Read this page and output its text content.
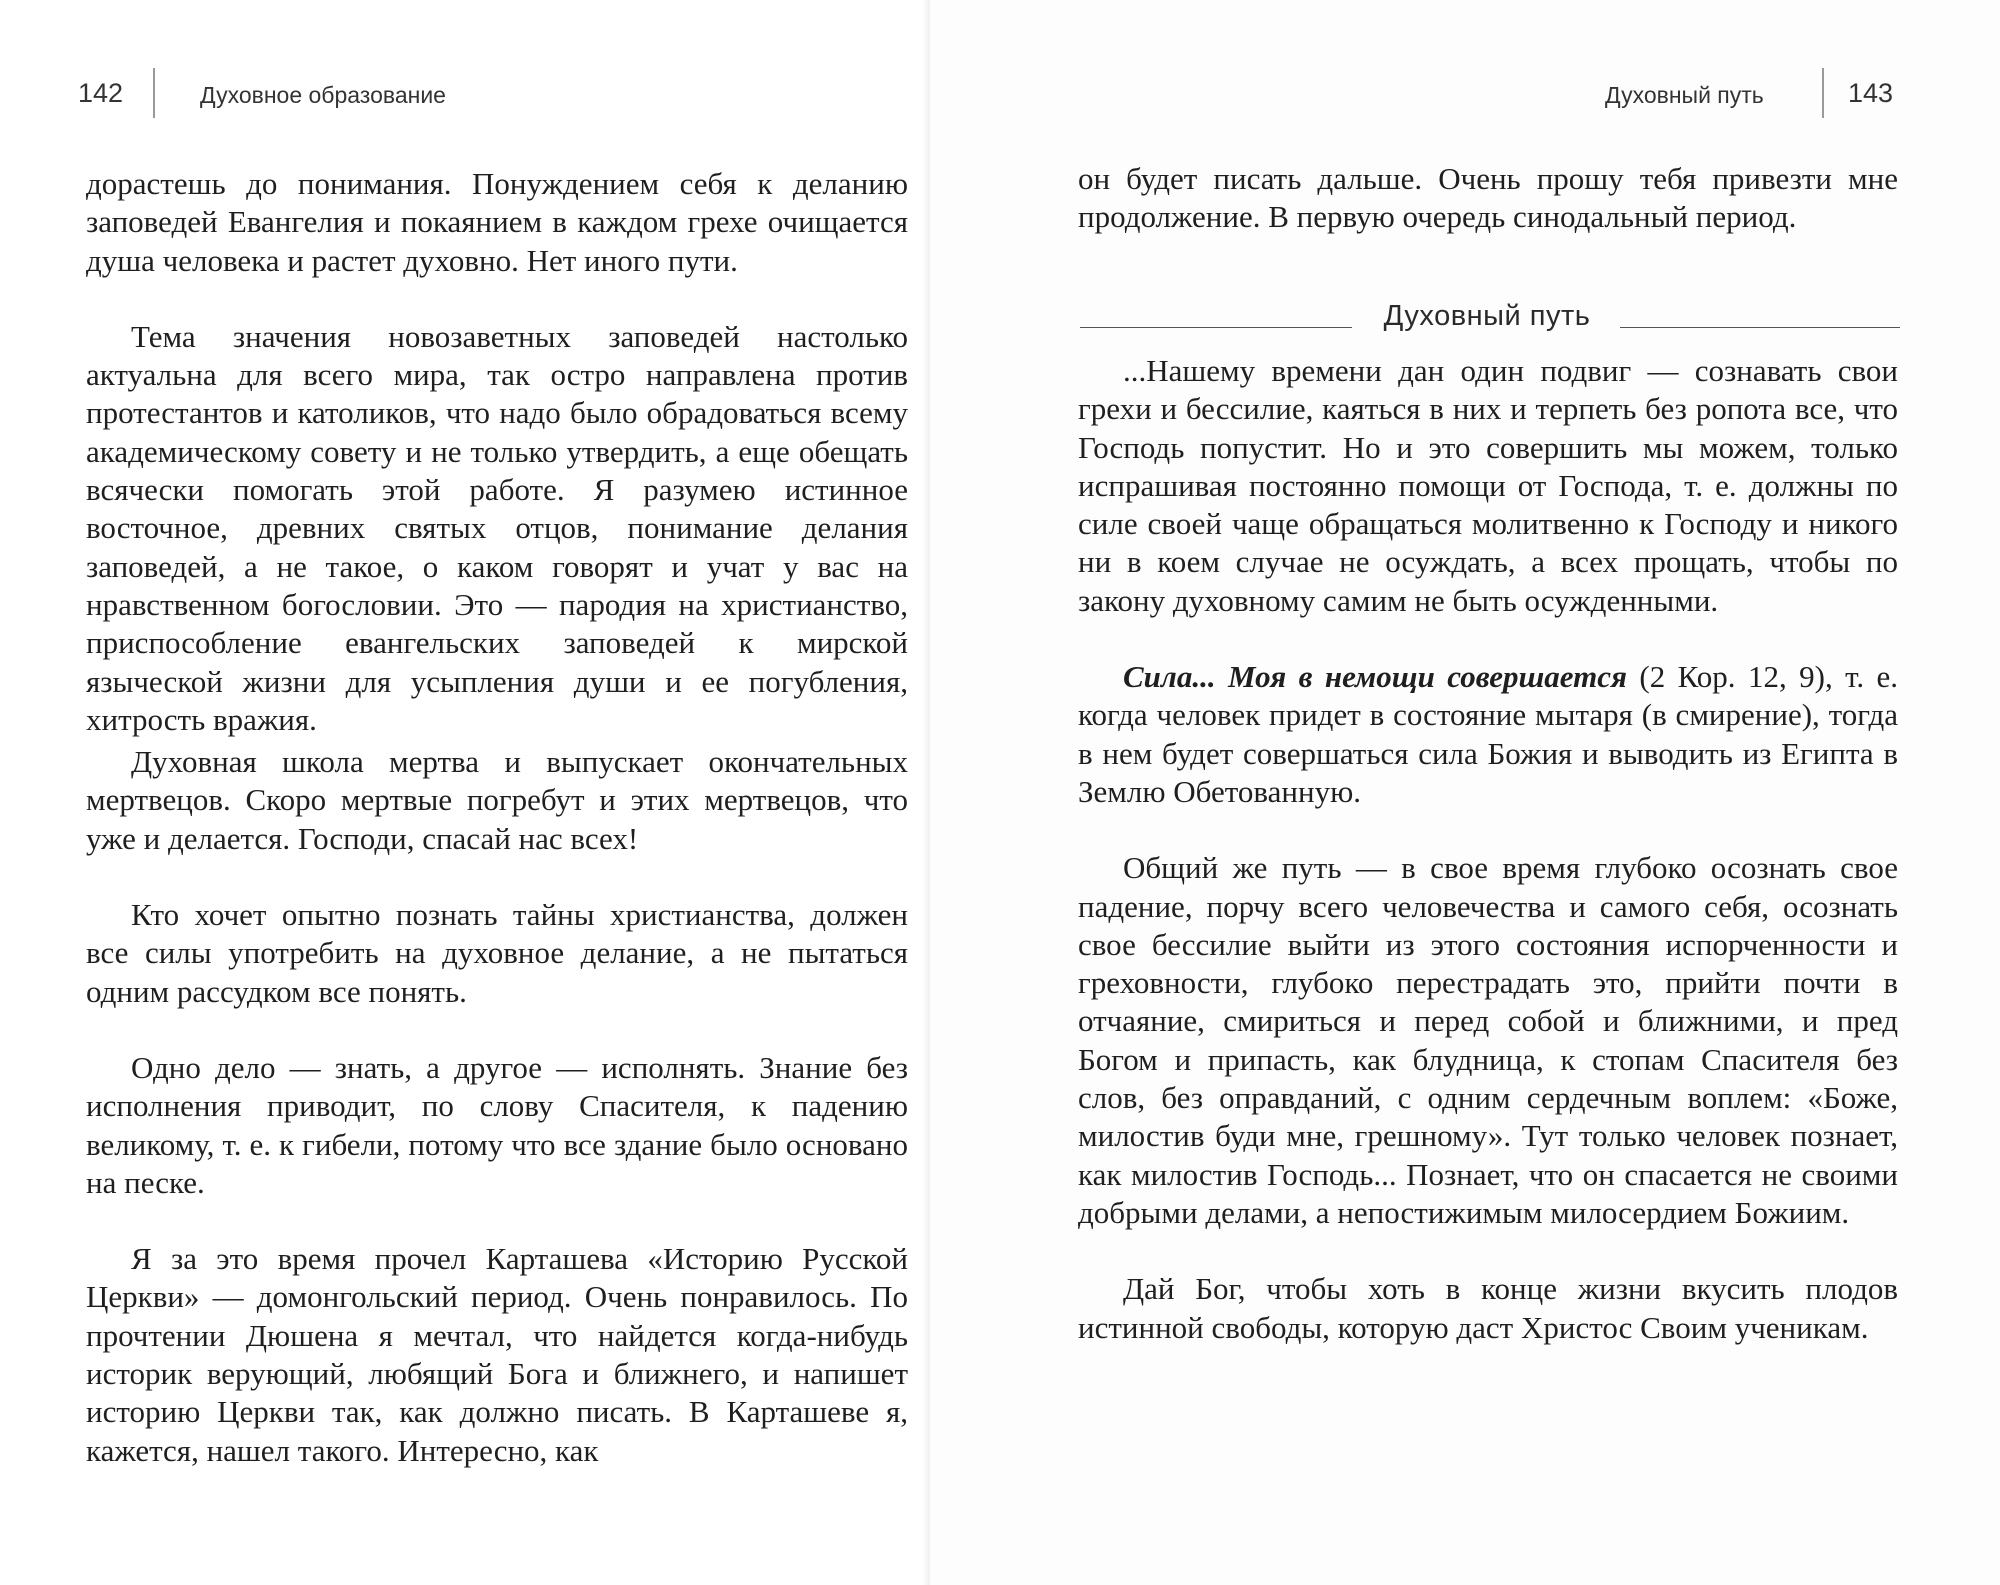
142	Духовное образование

дорастешь до понимания. Понуждением себя к деланию заповедей Евангелия и покаянием в каждом грехе очищается душа человека и растет духовно. Нет иного пути.

Тема значения новозаветных заповедей настолько актуальна для всего мира, так остро направлена против протестантов и католиков, что надо было обрадоваться всему академическому совету и не только утвердить, а еще обещать всячески помогать этой работе. Я разумею истинное восточное, древних святых отцов, понимание делания заповедей, а не такое, о каком говорят и учат у вас на нравственном богословии. Это — пародия на христианство, приспособление евангельских заповедей к мирской языческой жизни для усыпления души и ее погубления, хитрость вражия.

Духовная школа мертва и выпускает окончательных мертвецов. Скоро мертвые погребут и этих мертвецов, что уже и делается. Господи, спасай нас всех!

Кто хочет опытно познать тайны христианства, должен все силы употребить на духовное делание, а не пытаться одним рассудком все понять.

Одно дело — знать, а другое — исполнять. Знание без исполнения приводит, по слову Спасителя, к падению великому, т. е. к гибели, потому что все здание было основано на песке.

Я за это время прочел Карташева «Историю Русской Церкви» — домонгольский период. Очень понравилось. По прочтении Дюшена я мечтал, что найдется когда-нибудь историк верующий, любящий Бога и ближнего, и напишет историю Церкви так, как должно писать. В Карташеве я, кажется, нашел такого. Интересно, как

Духовный путь	143

он будет писать дальше. Очень прошу тебя привезти мне продолжение. В первую очередь синодальный период.

Духовный путь

...Нашему времени дан один подвиг — сознавать свои грехи и бессилие, каяться в них и терпеть без ропота все, что Господь попустит. Но и это совершить мы можем, только испрашивая постоянно помощи от Господа, т. е. должны по силе своей чаще обращаться молитвенно к Господу и никого ни в коем случае не осуждать, а всех прощать, чтобы по закону духовному самим не быть осужденными.

Сила... Моя в немощи совершается (2 Кор. 12, 9), т. е. когда человек придет в состояние мытаря (в смирение), тогда в нем будет совершаться сила Божия и выводить из Египта в Землю Обетованную.

Общий же путь — в свое время глубоко осознать свое падение, порчу всего человечества и самого себя, осознать свое бессилие выйти из этого состояния испорченности и греховности, глубоко перестрадать это, прийти почти в отчаяние, смириться и перед собой и ближними, и пред Богом и припасть, как блудница, к стопам Спасителя без слов, без оправданий, с одним сердечным воплем: «Боже, милостив буди мне, грешному». Тут только человек познает, как милостив Господь... Познает, что он спасается не своими добрыми делами, а непостижимым милосердием Божиим.

Дай Бог, чтобы хоть в конце жизни вкусить плодов истинной свободы, которую даст Христос Своим ученикам.
